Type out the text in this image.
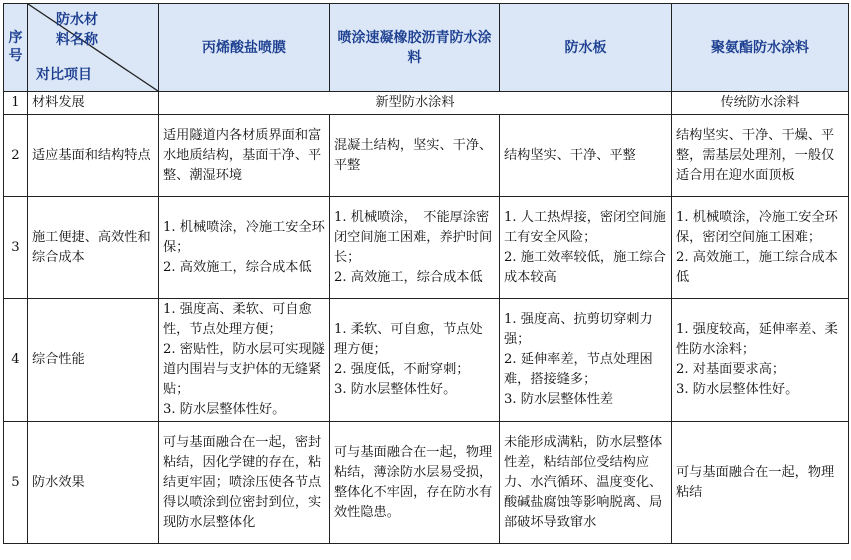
序号	防水材
料名称
对比项目	丙烯酸盐喷膜	喷涂速凝橡胶沥青防水涂料	防水板	聚氨酯防水涂料
1	材料发展	新型防水涂料			传统防水涂料
2	适应基面和结构特点	适用隧道内各材质界面和富水地质结构，基面干净、平整、潮湿环境	混凝土结构，坚实、干净、平整	结构坚实、干净、平整	结构坚实、干净、干燥、平整，需基层处理剂，一般仅适合用在迎水面顶板
3	施工便捷、高效性和综合成本	1. 机械喷涂，冷施工安全环保；
2. 高效施工，综合成本低	1. 机械喷涂，　不能厚涂密闭空间施工困难，养护时间长；
2. 高效施工，综合成本低	1. 人工热焊接，密闭空间施工有安全风险；
2. 施工效率较低，施工综合成本较高	1. 机械喷涂，冷施工安全环保，密闭空间施工困难；
2. 高效施工，施工综合成本低
4	综合性能	1. 强度高、柔软、可自愈性，节点处理方便；
2. 密贴性，防水层可实现隧道内围岩与支护体的无缝紧贴；
3. 防水层整体性好。	1. 柔软、可自愈，节点处理方便；
2. 强度低，不耐穿刺；
3. 防水层整体性好。	1. 强度高、抗剪切穿刺力强；
2. 延伸率差，节点处理困难，搭接缝多；
3. 防水层整体性差	1. 强度较高，延伸率差、柔性防水涂料；
2. 对基面要求高；
3. 防水层整体性好。
5	防水效果	可与基面融合在一起，密封粘结，因化学键的存在，粘结更牢固；喷涂压使各节点得以喷涂到位密封到位，实现防水层整体化	可与基面融合在一起，物理粘结，薄涂防水层易受损，整体化不牢固，存在防水有效性隐患。	未能形成满粘，防水层整体性差，粘结部位受结构应力、水汽循环、温度变化、酸碱盐腐蚀等影响脱离、局部破坏导致窜水	可与基面融合在一起，物理粘结
